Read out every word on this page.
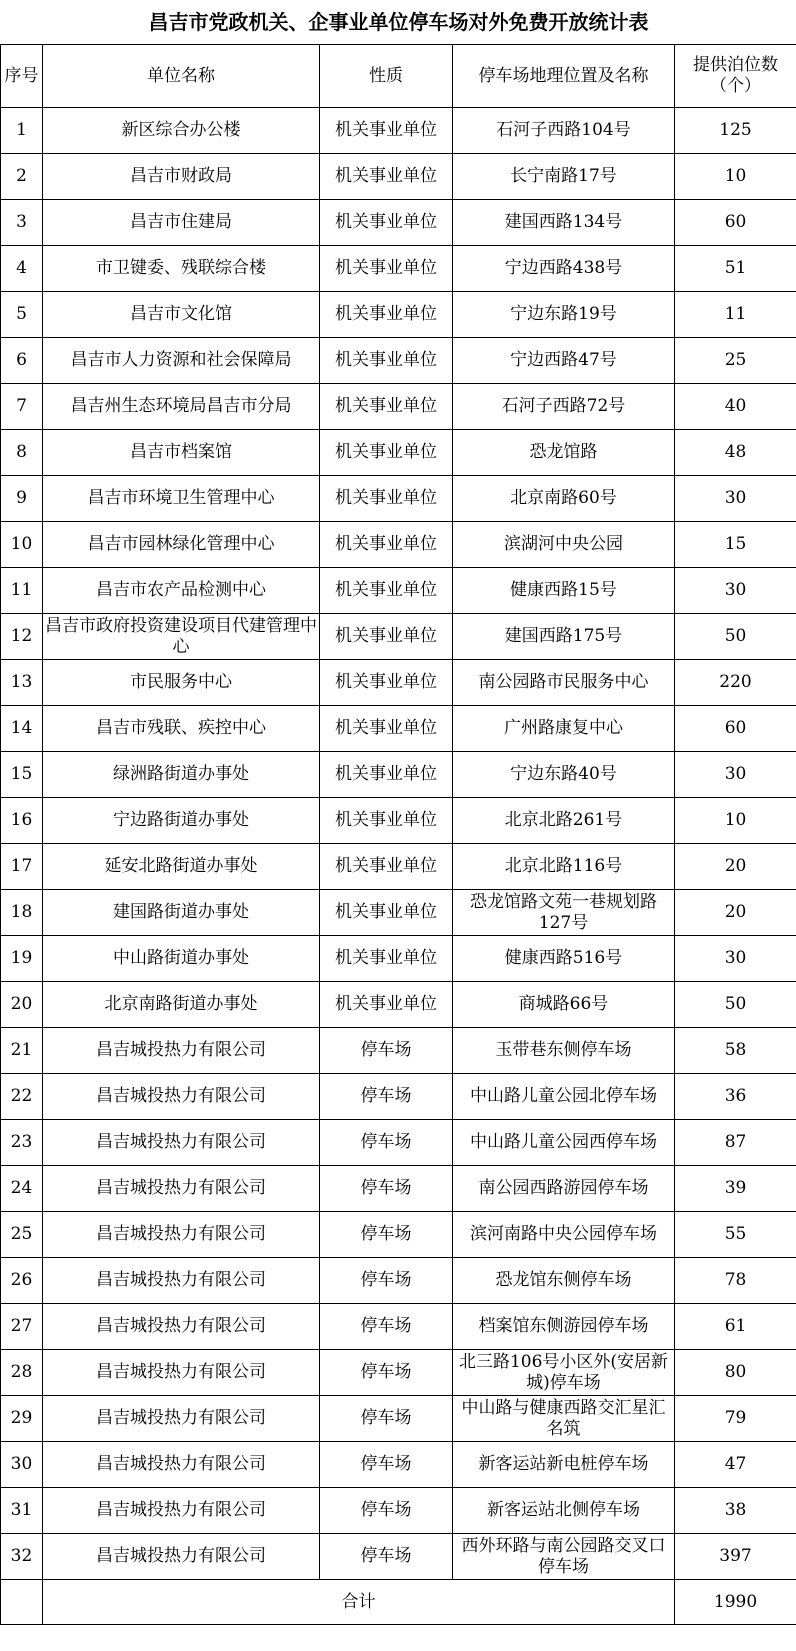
昌吉市党政机关、企事业单位停车场对外免费开放统计表				
序号	单位名称	性质	停车场地理位置及名称	提供泊位数（个）
1	新区综合办公楼	机关事业单位	石河子西路104号	125
2	昌吉市财政局	机关事业单位	长宁南路17号	10
3	昌吉市住建局	机关事业单位	建国西路134号	60
4	市卫键委、残联综合楼	机关事业单位	宁边西路438号	51
5	昌吉市文化馆	机关事业单位	宁边东路19号	11
6	昌吉市人力资源和社会保障局	机关事业单位	宁边西路47号	25
7	昌吉州生态环境局昌吉市分局	机关事业单位	石河子西路72号	40
8	昌吉市档案馆	机关事业单位	恐龙馆路	48
9	昌吉市环境卫生管理中心	机关事业单位	北京南路60号	30
10	昌吉市园林绿化管理中心	机关事业单位	滨湖河中央公园	15
11	昌吉市农产品检测中心	机关事业单位	健康西路15号	30
12	昌吉市政府投资建设项目代建管理中心	机关事业单位	建国西路175号	50
13	市民服务中心	机关事业单位	南公园路市民服务中心	220
14	昌吉市残联、疾控中心	机关事业单位	广州路康复中心	60
15	绿洲路街道办事处	机关事业单位	宁边东路40号	30
16	宁边路街道办事处	机关事业单位	北京北路261号	10
17	延安北路街道办事处	机关事业单位	北京北路116号	20
18	建国路街道办事处	机关事业单位	恐龙馆路文苑一巷规划路127号	20
19	中山路街道办事处	机关事业单位	健康西路516号	30
20	北京南路街道办事处	机关事业单位	商城路66号	50
21	昌吉城投热力有限公司	停车场	玉带巷东侧停车场	58
22	昌吉城投热力有限公司	停车场	中山路儿童公园北停车场	36
23	昌吉城投热力有限公司	停车场	中山路儿童公园西停车场	87
24	昌吉城投热力有限公司	停车场	南公园西路游园停车场	39
25	昌吉城投热力有限公司	停车场	滨河南路中央公园停车场	55
26	昌吉城投热力有限公司	停车场	恐龙馆东侧停车场	78
27	昌吉城投热力有限公司	停车场	档案馆东侧游园停车场	61
28	昌吉城投热力有限公司	停车场	北三路106号小区外(安居新城)停车场	80
29	昌吉城投热力有限公司	停车场	中山路与健康西路交汇星汇名筑	79
30	昌吉城投热力有限公司	停车场	新客运站新电桩停车场	47
31	昌吉城投热力有限公司	停车场	新客运站北侧停车场	38
32	昌吉城投热力有限公司	停车场	西外环路与南公园路交叉口停车场	397
	合计			1990
